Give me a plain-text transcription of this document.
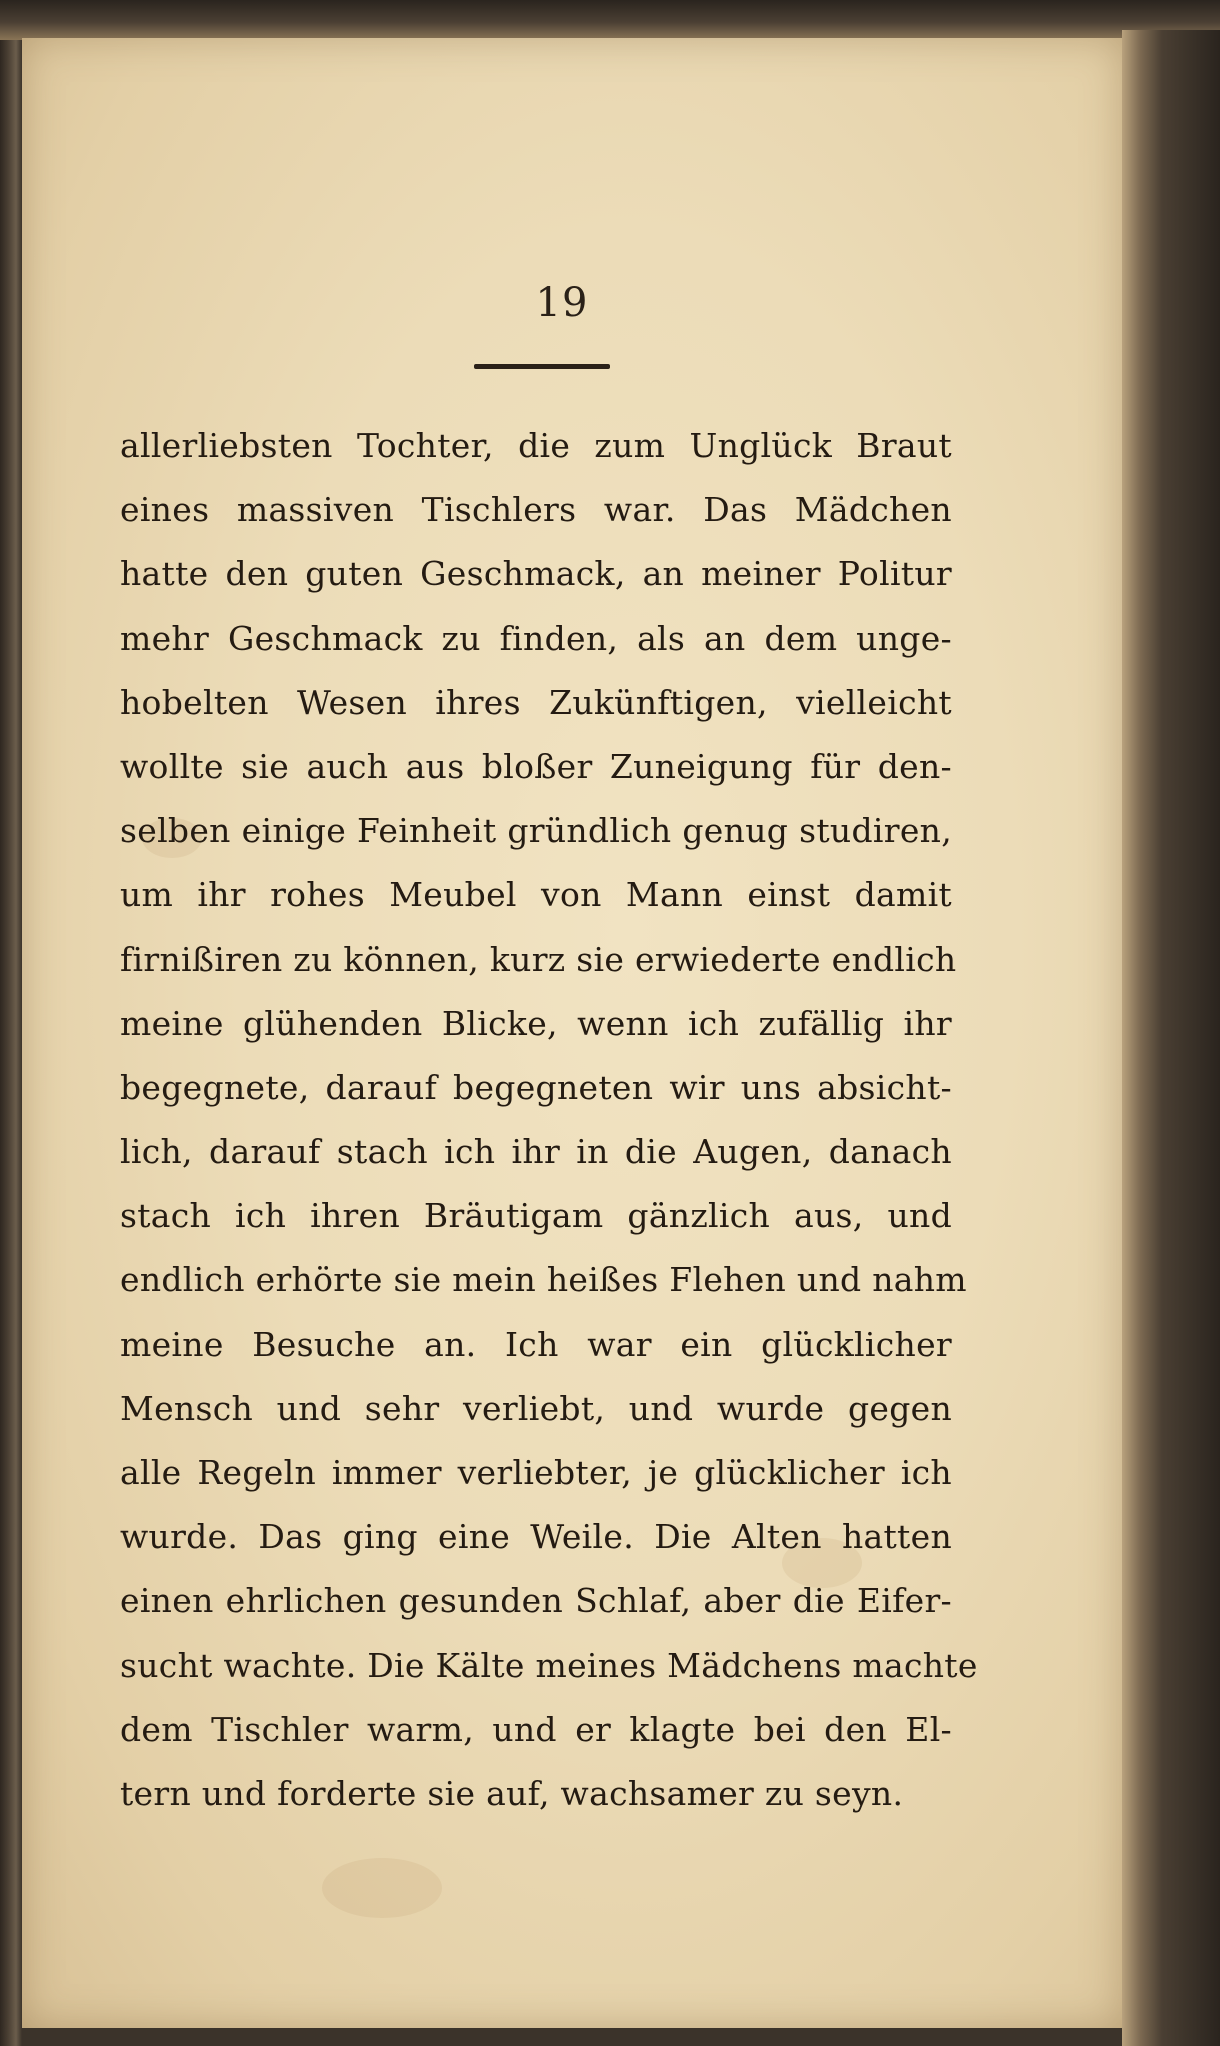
19
allerliebsten Tochter, die zum Unglück Braut
eines massiven Tischlers war. Das Mädchen
hatte den guten Geschmack, an meiner Politur
mehr Geschmack zu finden, als an dem unge-
hobelten Wesen ihres Zukünftigen, vielleicht
wollte sie auch aus bloßer Zuneigung für den-
selben einige Feinheit gründlich genug studiren,
um ihr rohes Meubel von Mann einst damit
firnißiren zu können, kurz sie erwiederte endlich
meine glühenden Blicke, wenn ich zufällig ihr
begegnete, darauf begegneten wir uns absicht-
lich, darauf stach ich ihr in die Augen, danach
stach ich ihren Bräutigam gänzlich aus, und
endlich erhörte sie mein heißes Flehen und nahm
meine Besuche an. Ich war ein glücklicher
Mensch und sehr verliebt, und wurde gegen
alle Regeln immer verliebter, je glücklicher ich
wurde. Das ging eine Weile. Die Alten hatten
einen ehrlichen gesunden Schlaf, aber die Eifer-
sucht wachte. Die Kälte meines Mädchens machte
dem Tischler warm, und er klagte bei den El-
tern und forderte sie auf, wachsamer zu seyn.
